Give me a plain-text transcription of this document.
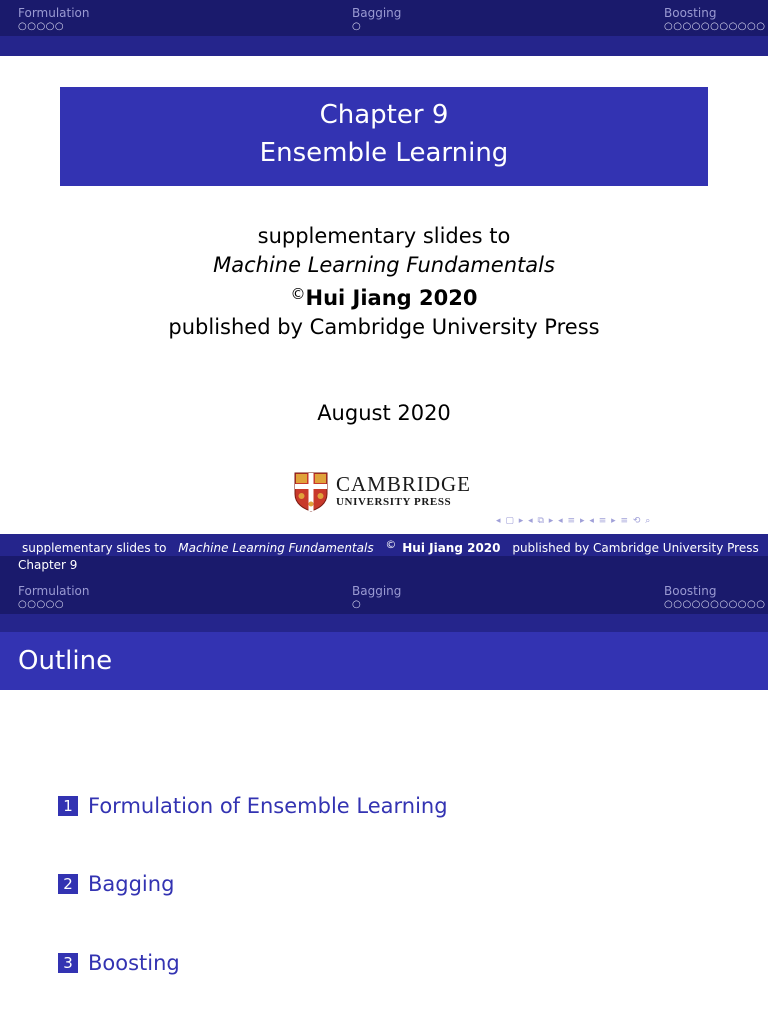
Formulation
○○○○○
Bagging
○
Boosting
○○○○○○○○○○○
Chapter 9
Ensemble Learning
supplementary slides to
Machine Learning Fundamentals
©Hui Jiang 2020
published by Cambridge University Press
August 2020
CAMBRIDGE
UNIVERSITY PRESS
◂ ▢ ▸ ◂ ⧉ ▸ ◂ ≡ ▸ ◂ ≡ ▸ ≡ ⟲ ⌕
supplementary slides to Machine Learning Fundamentals © Hui Jiang 2020 published by Cambridge University Press
Chapter 9
Formulation
○○○○○
Bagging
○
Boosting
○○○○○○○○○○○
Outline
1 Formulation of Ensemble Learning
2 Bagging
3 Boosting
